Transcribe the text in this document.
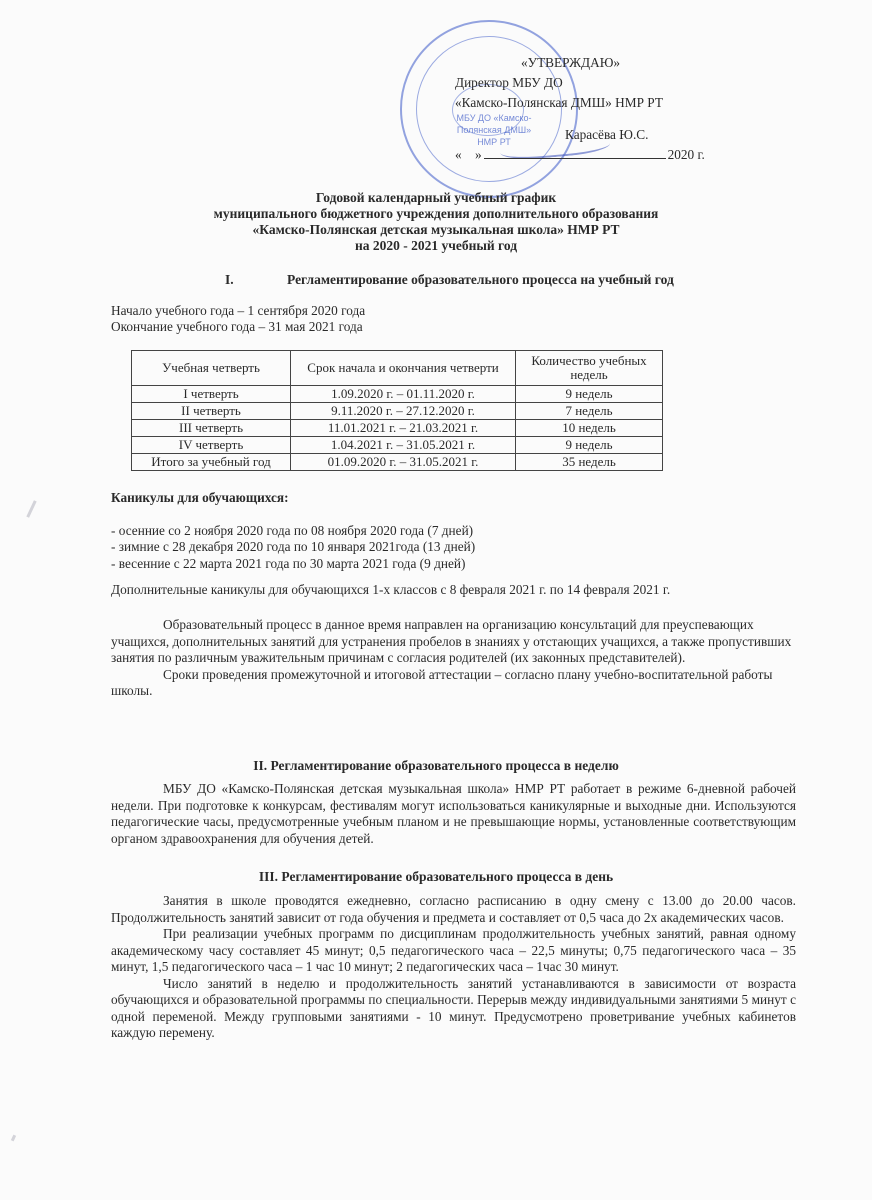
МБУ ДО «Камско-Полянская ДМШ» НМР РТ
«УТВЕРЖДАЮ»
Директор МБУ ДО
«Камско-Полянская ДМШ» НМР РТ
Карасёва Ю.С.
« »	2020 г.
Годовой календарный учебный график
муниципального бюджетного учреждения дополнительного образования
«Камско-Полянская детская музыкальная школа» НМР РТ
на 2020 - 2021 учебный год
I.	Регламентирование образовательного процесса на учебный год
Начало учебного года – 1 сентября 2020 года
Окончание учебного года – 31 мая 2021 года
Учебная четверть	Срок начала и окончания четверти	Количество учебных недель
I четверть	1.09.2020 г. – 01.11.2020 г.	9 недель
II четверть	9.11.2020 г. – 27.12.2020 г.	7 недель
III четверть	11.01.2021 г. – 21.03.2021 г.	10 недель
IV четверть	1.04.2021 г. – 31.05.2021 г.	9 недель
Итого за учебный год	01.09.2020 г. – 31.05.2021 г.	35 недель
Каникулы для обучающихся:
- осенние со 2 ноября 2020 года по 08 ноября 2020 года (7 дней)
- зимние с 28 декабря 2020 года по 10 января 2021года (13 дней)
- весенние с 22 марта 2021 года по 30 марта 2021 года (9 дней)
Дополнительные каникулы для обучающихся 1-х классов с 8 февраля 2021 г. по 14 февраля 2021 г.

Образовательный процесс в данное время направлен на организацию консультаций для преуспевающих учащихся, дополнительных занятий для устранения пробелов в знаниях у отстающих учащихся, а также пропустивших занятия по различным уважительным причинам с согласия родителей (их законных представителей).

Сроки проведения промежуточной и итоговой аттестации – согласно плану учебно-воспитательной работы школы.

II. Регламентирование образовательного процесса в неделю

МБУ ДО «Камско-Полянская детская музыкальная школа» НМР РТ работает в режиме 6-дневной рабочей недели. При подготовке к конкурсам, фестивалям могут использоваться каникулярные и выходные дни. Используются педагогические часы, предусмотренные учебным планом и не превышающие нормы, установленные соответствующим органом здравоохранения для обучения детей.

III. Регламентирование образовательного процесса в день

Занятия в школе проводятся ежедневно, согласно расписанию в одну смену с 13.00 до 20.00 часов. Продолжительность занятий зависит от года обучения и предмета и составляет от 0,5 часа до 2х академических часов.

При реализации учебных программ по дисциплинам продолжительность учебных занятий, равная одному академическому часу составляет 45 минут; 0,5 педагогического часа – 22,5 минуты; 0,75 педагогического часа – 35 минут, 1,5 педагогического часа – 1 час 10 минут; 2 педагогических часа – 1час 30 минут.

Число занятий в неделю и продолжительность занятий устанавливаются в зависимости от возраста обучающихся и образовательной программы по специальности. Перерыв между индивидуальными занятиями 5 минут с одной переменой. Между групповыми занятиями - 10 минут. Предусмотрено проветривание учебных кабинетов каждую перемену.
